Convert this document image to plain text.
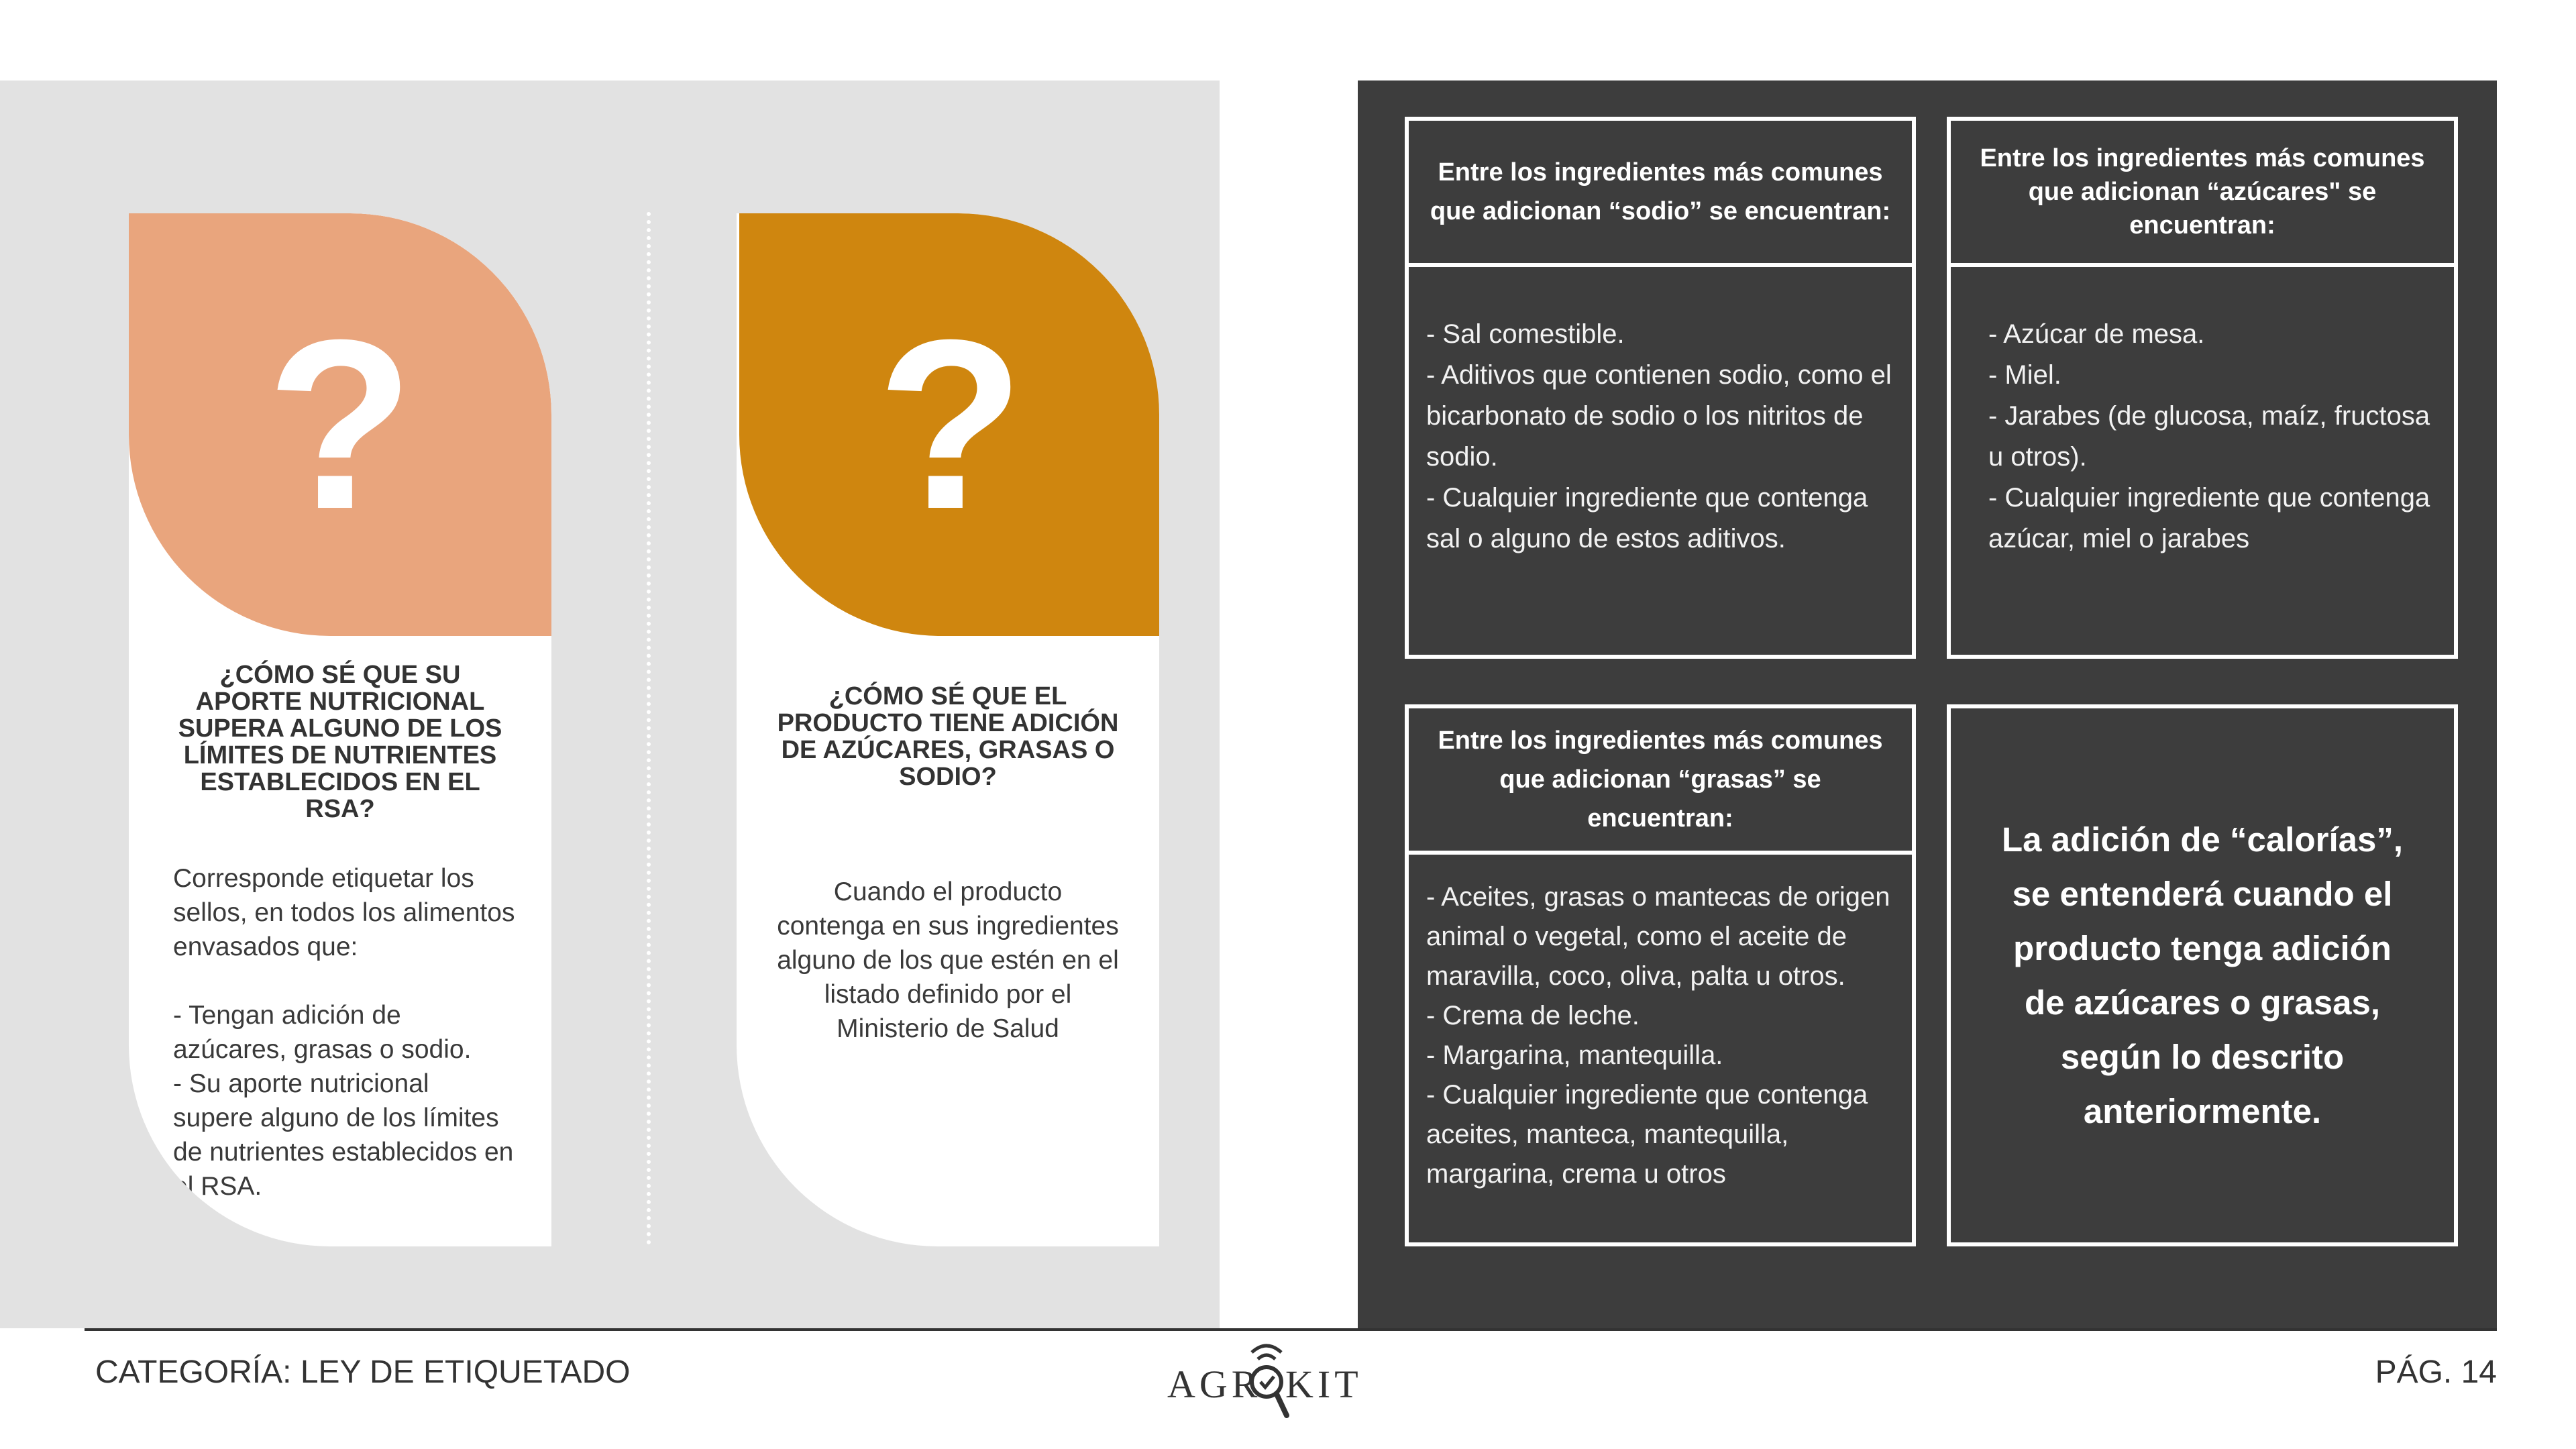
?
¿CÓMO SÉ QUE SU APORTE NUTRICIONAL SUPERA ALGUNO DE LOS LÍMITES DE NUTRIENTES ESTABLECIDOS EN EL RSA?
Corresponde etiquetar los sellos, en todos los alimentos envasados que:

- Tengan adición de azúcares, grasas o sodio.
- Su aporte nutricional supere alguno de los límites de nutrientes establecidos en el RSA.
?
¿CÓMO SÉ QUE EL PRODUCTO TIENE ADICIÓN DE AZÚCARES, GRASAS O SODIO?
Cuando el producto contenga en sus ingredientes alguno de los que estén en el listado definido por el Ministerio de Salud
Entre los ingredientes más comunes que adicionan “sodio” se encuentran:
- Sal comestible.
- Aditivos que contienen sodio, como el bicarbonato de sodio o los nitritos de sodio.
- Cualquier ingrediente que contenga sal o alguno de estos aditivos.
Entre los ingredientes más comunes que adicionan “azúcares" se encuentran:
- Azúcar de mesa.
- Miel.
- Jarabes (de glucosa, maíz, fructosa u otros).
- Cualquier ingrediente que contenga azúcar, miel o jarabes
Entre los ingredientes más comunes que adicionan “grasas” se encuentran:
- Aceites, grasas o mantecas de origen animal o vegetal, como el aceite de maravilla, coco, oliva, palta u otros.
- Crema de leche.
- Margarina, mantequilla.
- Cualquier ingrediente que contenga aceites, manteca, mantequilla, margarina, crema u otros
La adición de “calorías”, se entenderá cuando el producto tenga adición de azúcares o grasas, según lo descrito anteriormente.
CATEGORÍA: LEY DE ETIQUETADO	AGR KIT	PÁG. 14
